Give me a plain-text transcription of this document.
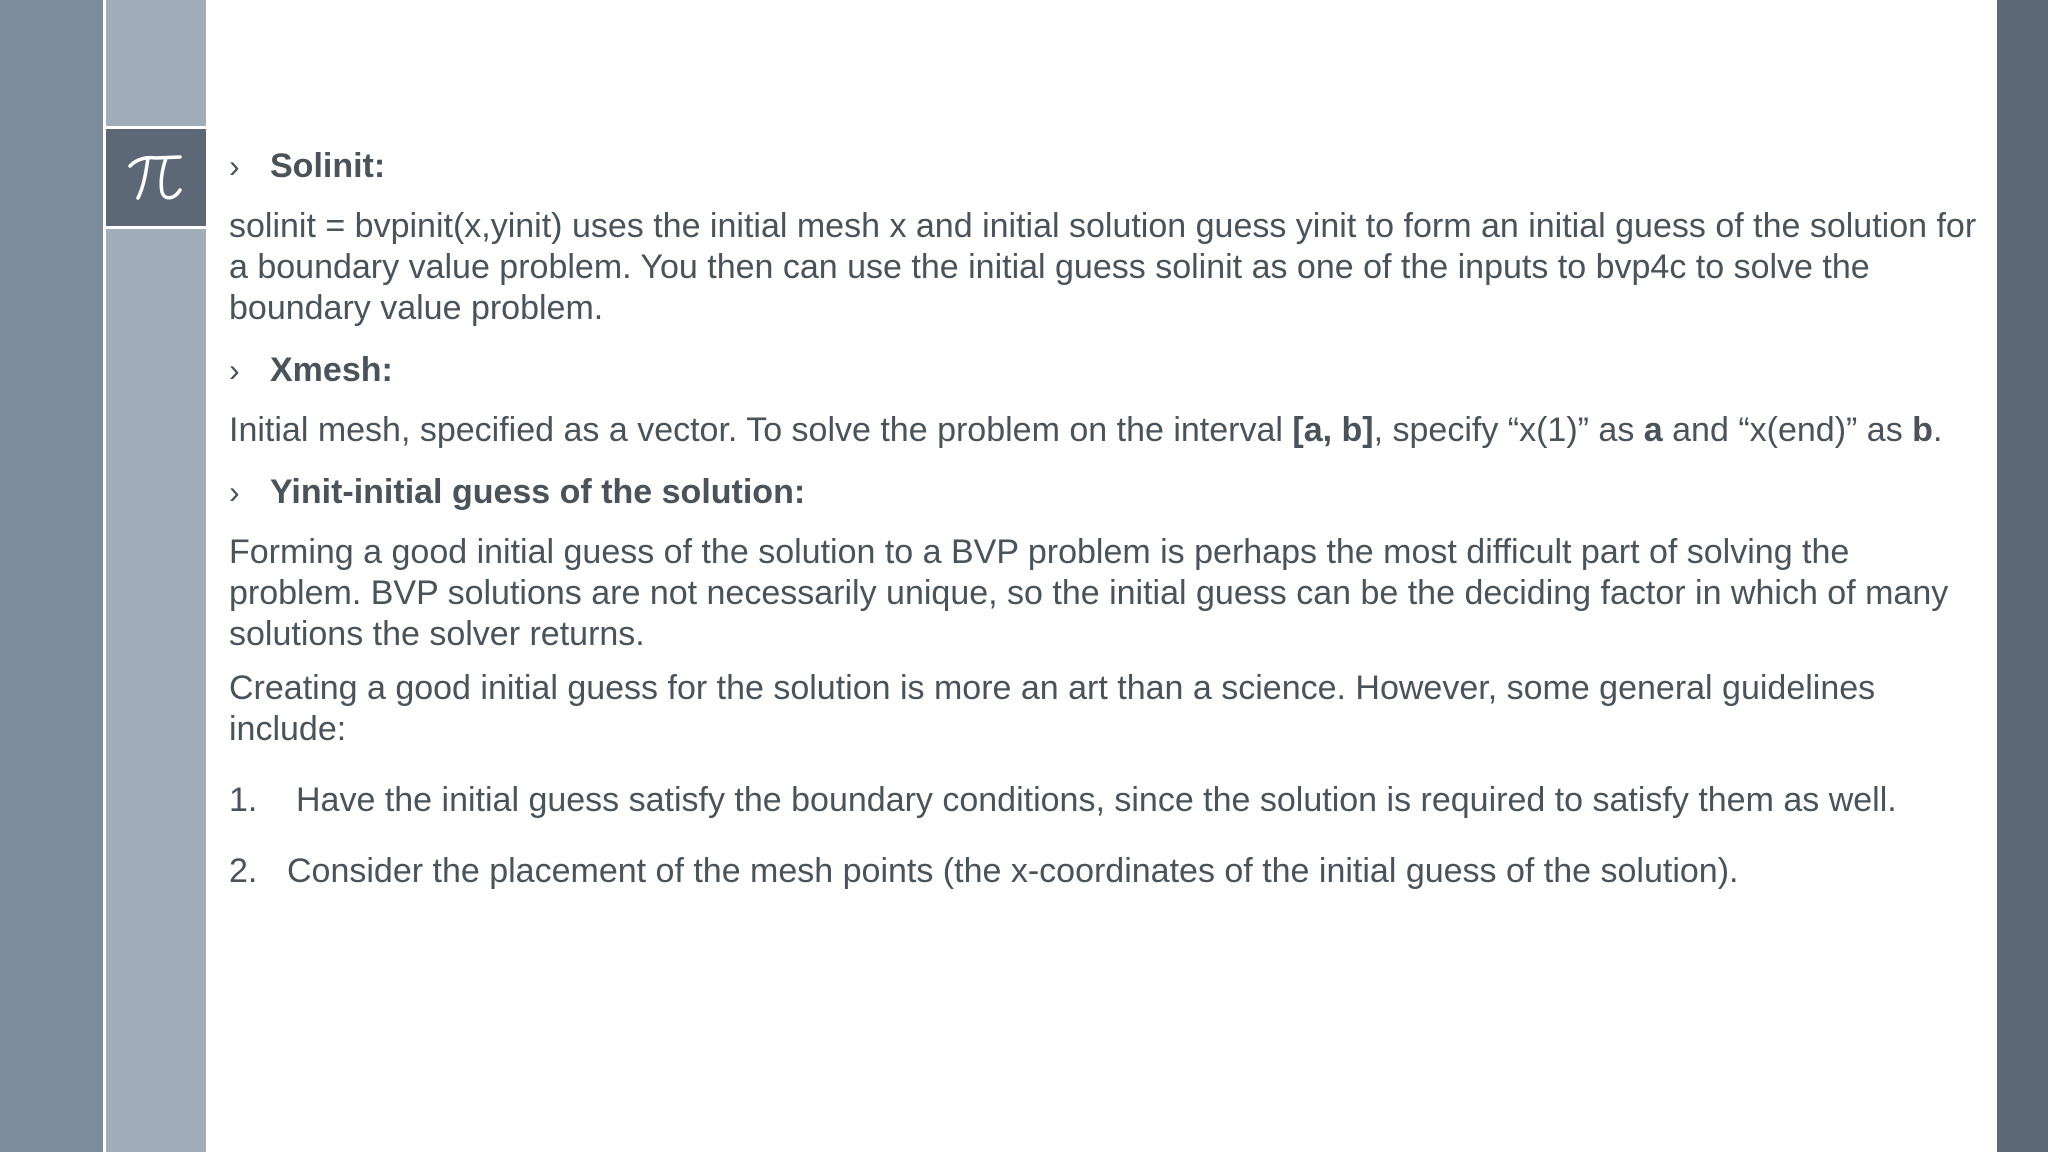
› Solinit:

solinit = bvpinit(x,yinit) uses the initial mesh x and initial solution guess yinit to form an initial guess of the solution for a boundary value problem. You then can use the initial guess solinit as one of the inputs to bvp4c to solve the boundary value problem.

› Xmesh:

Initial mesh, specified as a vector. To solve the problem on the interval [a, b], specify “x(1)” as a and “x(end)” as b.

› Yinit-initial guess of the solution:

Forming a good initial guess of the solution to a BVP problem is perhaps the most difficult part of solving the problem. BVP solutions are not necessarily unique, so the initial guess can be the deciding factor in which of many solutions the solver returns.

Creating a good initial guess for the solution is more an art than a science. However, some general guidelines include:

1.	Have the initial guess satisfy the boundary conditions, since the solution is required to satisfy them as well.
2. Consider the placement of the mesh points (the x-coordinates of the initial guess of the solution).
